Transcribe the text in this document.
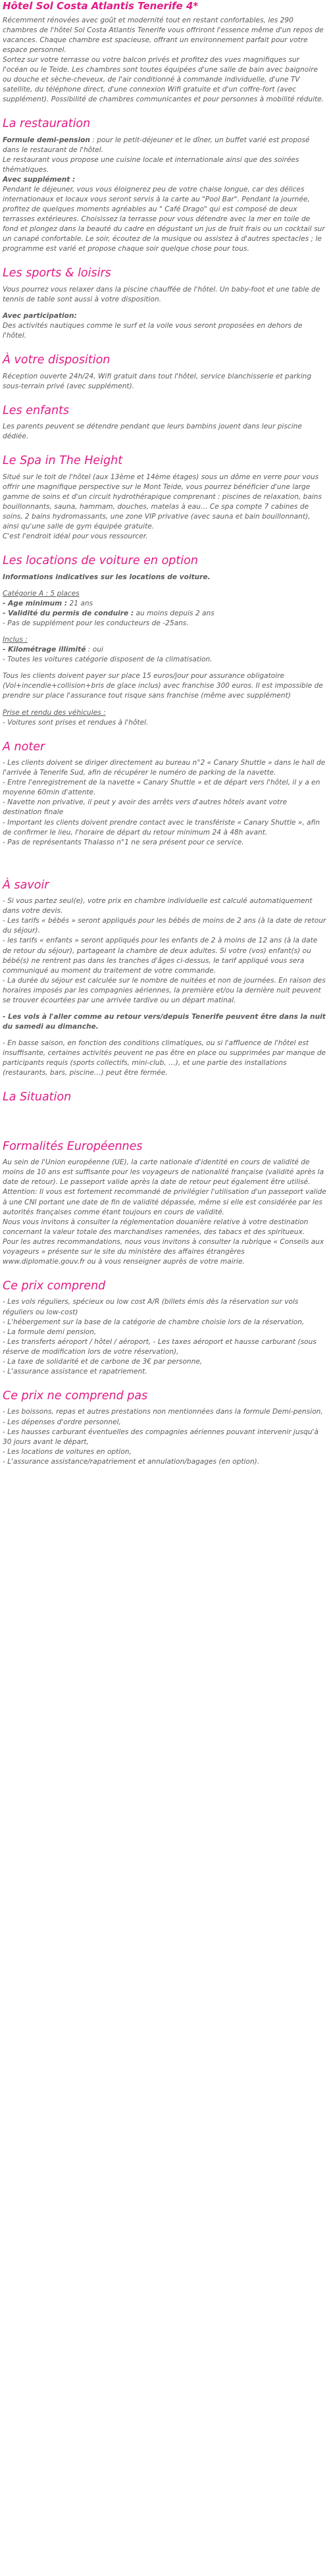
Hôtel Sol Costa Atlantis Tenerife 4*

Récemment rénovées avec goût et modernité tout en restant confortables, les 290 chambres de l'hôtel Sol Costa Atlantis Tenerife vous offriront l'essence même d'un repos de vacances. Chaque chambre est spacieuse, offrant un environnement parfait pour votre espace personnel.

Sortez sur votre terrasse ou votre balcon privés et profitez des vues magnifiques sur l'océan ou le Teide. Les chambres sont toutes équipées d'une salle de bain avec baignoire ou douche et sèche-cheveux, de l'air conditionné à commande individuelle, d'une TV satellite, du téléphone direct, d'une connexion Wifi gratuite et d'un coffre-fort (avec supplément). Possibilité de chambres communicantes et pour personnes à mobilité réduite.

La restauration

Formule demi-pension : pour le petit-déjeuner et le dîner, un buffet varié est proposé dans le restaurant de l'hôtel.

Le restaurant vous propose une cuisine locale et internationale ainsi que des soirées thématiques.

Avec supplément :

Pendant le déjeuner, vous vous éloignerez peu de votre chaise longue, car des délices internationaux et locaux vous seront servis à la carte au "Pool Bar". Pendant la journée, profitez de quelques moments agréables au " Café Drago" qui est composé de deux terrasses extérieures. Choisissez la terrasse pour vous détendre avec la mer en toile de fond et plongez dans la beauté du cadre en dégustant un jus de fruit frais ou un cocktail sur un canapé confortable. Le soir, écoutez de la musique ou assistez à d'autres spectacles ; le programme est varié et propose chaque soir quelque chose pour tous.

Les sports & loisirs

Vous pourrez vous relaxer dans la piscine chauffée de l'hôtel. Un baby-foot et une table de tennis de table sont aussi à votre disposition.

Avec participation:

Des activités nautiques comme le surf et la voile vous seront proposées en dehors de l'hôtel.

À votre disposition

Réception ouverte 24h/24, Wifi gratuit dans tout l'hôtel, service blanchisserie et parking sous-terrain privé (avec supplément).

Les enfants

Les parents peuvent se détendre pendant que leurs bambins jouent dans leur piscine dédiée.

Le Spa in The Height

Situé sur le toit de l'hôtel (aux 13ème et 14ème étages) sous un dôme en verre pour vous offrir une magnifique perspective sur le Mont Teide, vous pourrez bénéficier d'une large gamme de soins et d'un circuit hydrothérapique comprenant : piscines de relaxation, bains bouillonnants, sauna, hammam, douches, matelas à eau… Ce spa compte 7 cabines de soins, 2 bains hydromassants, une zone VIP privative (avec sauna et bain bouillonnant), ainsi qu'une salle de gym équipée gratuite.

C'est l'endroit idéal pour vous ressourcer.

Les locations de voiture en option

Informations indicatives sur les locations de voiture.

Catégorie A : 5 places

- Age minimum : 21 ans

- Validité du permis de conduire : au moins depuis 2 ans

- Pas de supplément pour les conducteurs de -25ans.

Inclus :

- Kilométrage illimité : oui

- Toutes les voitures catégorie disposent de la climatisation.

Tous les clients doivent payer sur place 15 euros/jour pour assurance obligatoire (Vol+incendie+collision+bris de glace inclus) avec franchise 300 euros. Il est impossible de prendre sur place l'assurance tout risque sans franchise (même avec supplément)

Prise et rendu des véhicules :

- Voitures sont prises et rendues à l'hôtel.

A noter

- Les clients doivent se diriger directement au bureau n°2 « Canary Shuttle » dans le hall de l'arrivée à Tenerife Sud, afin de récupérer le numéro de parking de la navette.

- Entre l'enregistrement de la navette « Canary Shuttle » et de départ vers l'hôtel, il y a en moyenne 60min d'attente.

- Navette non privative, il peut y avoir des arrêts vers d'autres hôtels avant votre destination finale

- Important les clients doivent prendre contact avec le transfériste « Canary Shuttle », afin de confirmer le lieu, l'horaire de départ du retour minimum 24 à 48h avant.

- Pas de représentants Thalasso n°1 ne sera présent pour ce service.

À savoir

- Si vous partez seul(e), votre prix en chambre individuelle est calculé automatiquement dans votre devis.

- Les tarifs « bébés » seront appliqués pour les bébés de moins de 2 ans (à la date de retour du séjour).

- les tarifs « enfants » seront appliqués pour les enfants de 2 à moins de 12 ans (à la date de retour du séjour), partageant la chambre de deux adultes. Si votre (vos) enfant(s) ou bébé(s) ne rentrent pas dans les tranches d'âges ci-dessus, le tarif appliqué vous sera communiqué au moment du traitement de votre commande.

- La durée du séjour est calculée sur le nombre de nuitées et non de journées. En raison des horaires imposés par les compagnies aériennes, la première et/ou la dernière nuit peuvent se trouver écourtées par une arrivée tardive ou un départ matinal.

- Les vols à l'aller comme au retour vers/depuis Tenerife peuvent être dans la nuit du samedi au dimanche.

- En basse saison, en fonction des conditions climatiques, ou si l'affluence de l'hôtel est insuffisante, certaines activités peuvent ne pas être en place ou supprimées par manque de participants requis (sports collectifs, mini-club, …), et une partie des installations (restaurants, bars, piscine…) peut être fermée.

La Situation
Formalités Européennes

Au sein de l'Union européenne (UE), la carte nationale d'identité en cours de validité de moins de 10 ans est suffisante pour les voyageurs de nationalité française (validité après la date de retour). Le passeport valide après la date de retour peut également être utilisé.

Attention: Il vous est fortement recommandé de privilégier l'utilisation d'un passeport valide à une CNI portant une date de fin de validité dépassée, même si elle est considérée par les autorités françaises comme étant toujours en cours de validité.

Nous vous invitons à consulter la réglementation douanière relative à votre destination concernant la valeur totale des marchandises ramenées, des tabacs et des spiritueux.

Pour les autres recommandations, nous vous invitons à consulter la rubrique « Conseils aux voyageurs » présente sur le site du ministère des affaires étrangères www.diplomatie.gouv.fr ou à vous renseigner auprès de votre mairie.

Ce prix comprend

- Les vols réguliers, spécieux ou low cost A/R (billets émis dès la réservation sur vols réguliers ou low-cost)

- L'hébergement sur la base de la catégorie de chambre choisie lors de la réservation,

- La formule demi pension,

- Les transferts aéroport / hôtel / aéroport, - Les taxes aéroport et hausse carburant (sous réserve de modification lors de votre réservation),

- La taxe de solidarité et de carbone de 3€ par personne,

- L'assurance assistance et rapatriement.

Ce prix ne comprend pas

- Les boissons, repas et autres prestations non mentionnées dans la formule Demi-pension,

- Les dépenses d'ordre personnel,

- Les hausses carburant éventuelles des compagnies aériennes pouvant intervenir jusqu'à 30 jours avant le départ,

- Les locations de voitures en option,

- L'assurance assistance/rapatriement et annulation/bagages (en option).
